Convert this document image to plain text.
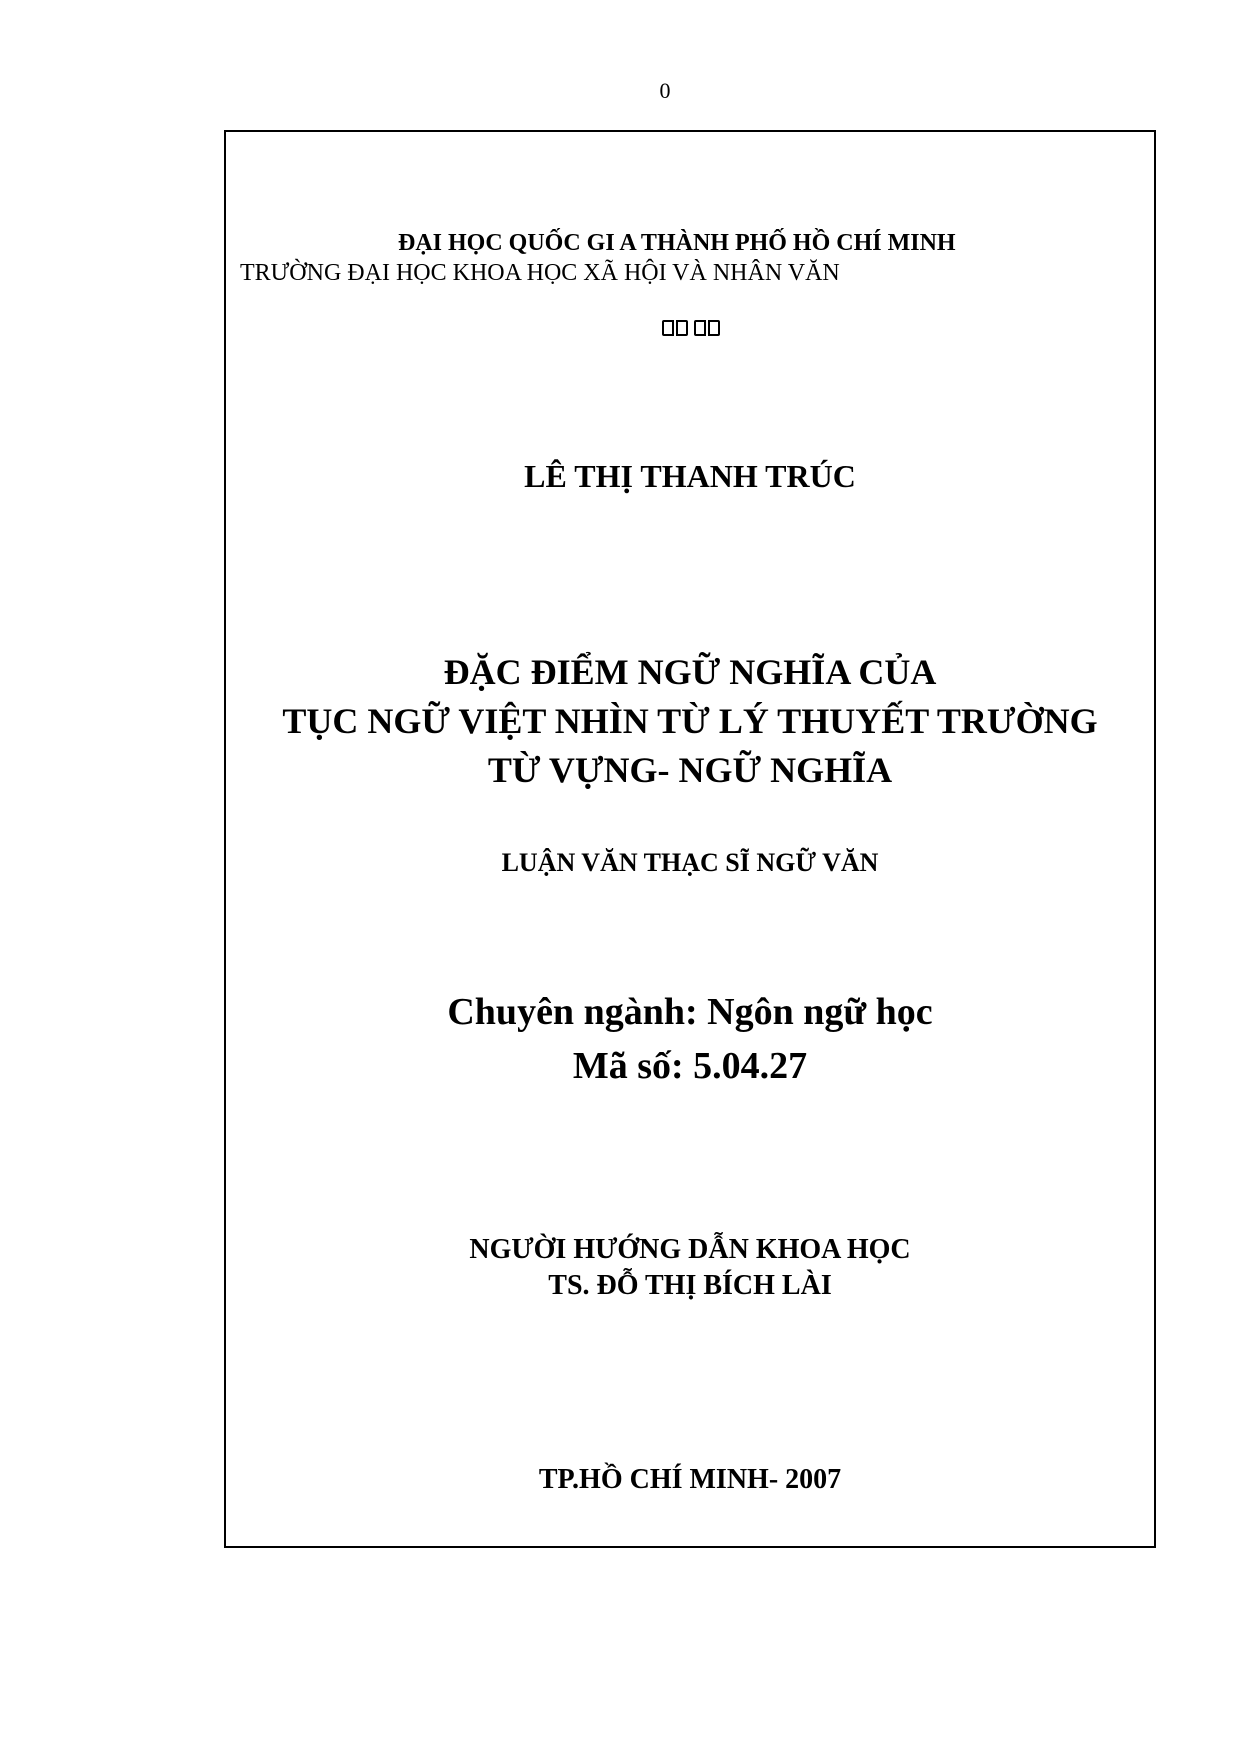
0
ĐẠI HỌC QUỐC GI A THÀNH PHỐ HỒ CHÍ MINH
TRƯỜNG ĐẠI HỌC KHOA HỌC XÃ HỘI VÀ NHÂN VĂN
LÊ THỊ THANH TRÚC
ĐẶC ĐIỂM NGỮ NGHĨA CỦA
TỤC NGỮ VIỆT NHÌN TỪ LÝ THUYẾT TRƯỜNG
TỪ VỰNG- NGỮ NGHĨA
LUẬN VĂN THẠC SĨ NGỮ VĂN
Chuyên ngành: Ngôn ngữ học
Mã số: 5.04.27
NGƯỜI HƯỚNG DẪN KHOA HỌC
TS. ĐỖ THỊ BÍCH LÀI
TP.HỒ CHÍ MINH- 2007
